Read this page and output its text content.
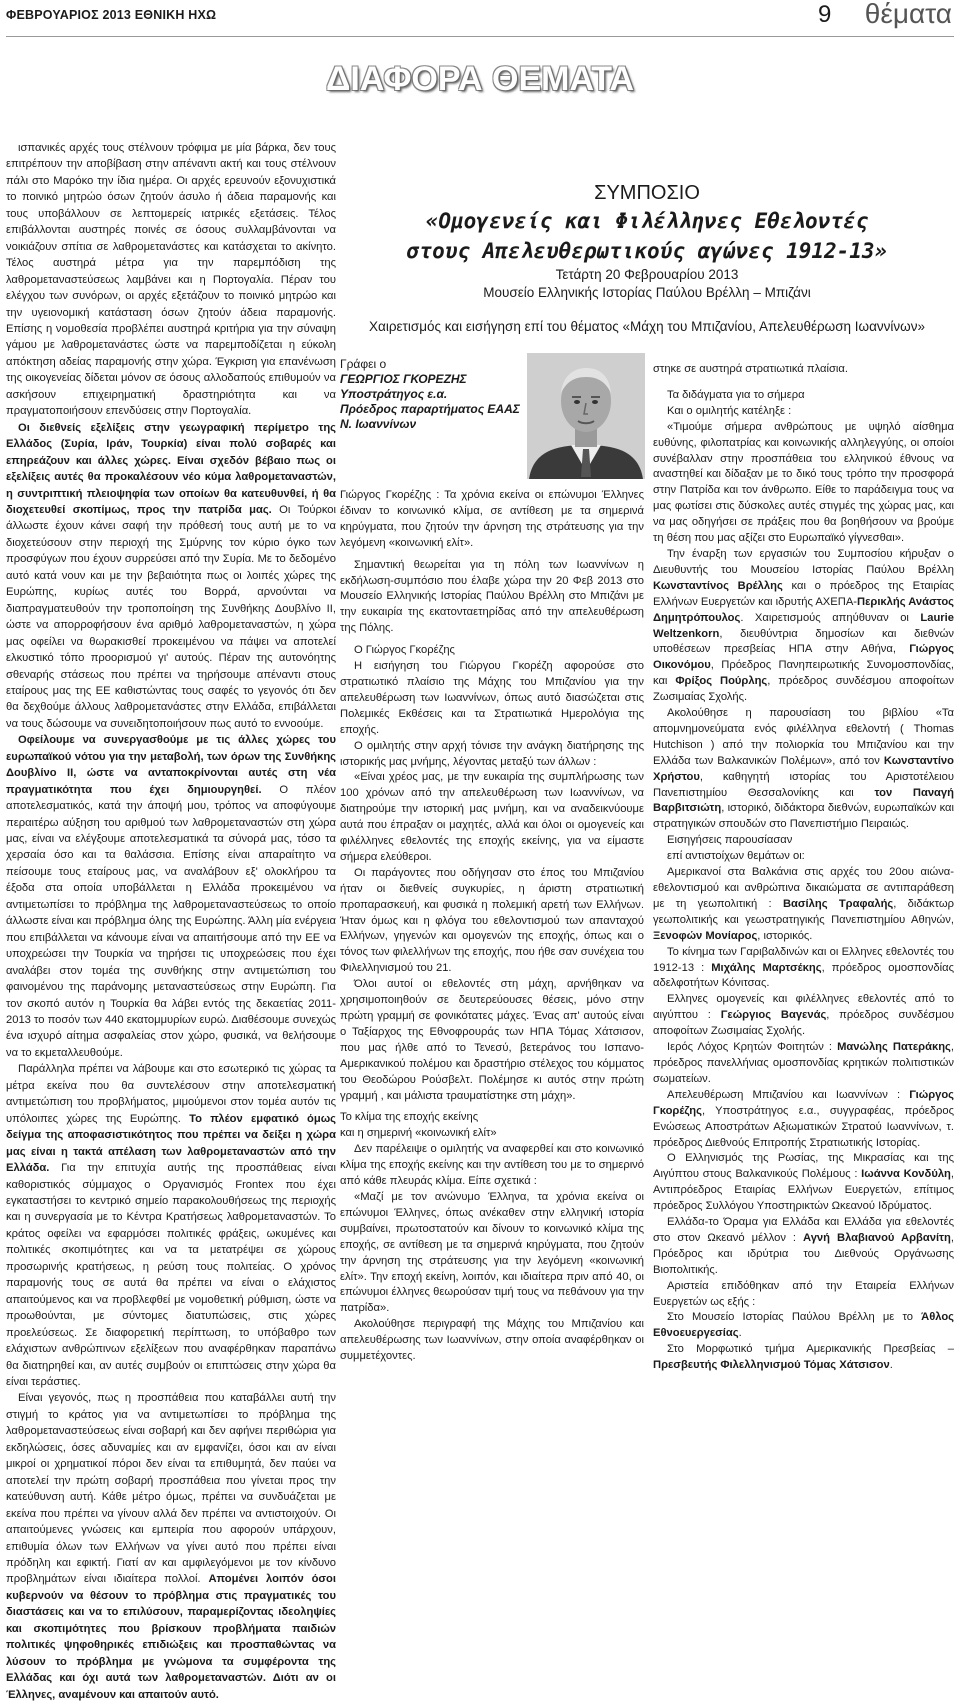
ΦΕΒΡΟΥΑΡΙΟΣ 2013 ΕΘΝΙΚΗ ΗΧΩ	9 θέματα
ΔΙΑΦΟΡΑ ΘΕΜΑΤΑ

ισπανικές αρχές τους στέλνουν τρόφιμα με μία βάρκα, δεν τους επιτρέπουν την αποβίβαση στην απέναντι ακτή και τους στέλνουν πάλι στο Μαρόκο την ίδια ημέρα. Οι αρχές ερευνούν εξονυχιστικά το ποινικό μητρώο όσων ζητούν άσυλο ή άδεια παραμονής και τους υποβάλλουν σε λεπτομερείς ιατρικές εξετάσεις. Τέλος επιβάλλονται αυστηρές ποινές σε όσους συλλαμβάνονται να νοικιάζουν σπίτια σε λαθρομετανάστες και κατάσχεται το ακίνητο. Τέλος αυστηρά μέτρα για την παρεμπόδιση της λαθρομεταναστεύσεως λαμβάνει και η Πορτογαλία. Πέραν του ελέγχου των συνόρων, οι αρχές εξετάζουν το ποινικό μητρώο και την υγειονομική κατάσταση όσων ζητούν άδεια παραμονής. Επίσης η νομοθεσία προβλέπει αυστηρά κριτήρια για την σύναψη γάμου με λαθρομετανάστες ώστε να παρεμποδίζεται η εύκολη απόκτηση αδείας παραμονής στην χώρα. Έγκριση για επανένωση της οικογενείας δίδεται μόνον σε όσους αλλοδαπούς επιθυμούν να ασκήσουν επιχειρηματική δραστηριότητα και να πραγματοποιήσουν επενδύσεις στην Πορτογαλία.

Οι διεθνείς εξελίξεις στην γεωγραφική περίμετρο της Ελλάδος (Συρία, Ιράν, Τουρκία) είναι πολύ σοβαρές και επηρεάζουν και άλλες χώρες. Είναι σχεδόν βέβαιο πως οι εξελίξεις αυτές θα προκαλέσουν νέο κύμα λαθρομεταναστών, η συντριπτική πλειοψηφία των οποίων θα κατευθυνθεί, ή θα διοχετευθεί σκοπίμως, προς την πατρίδα μας. Οι Τούρκοι άλλωστε έχουν κάνει σαφή την πρόθεσή τους αυτή με το να διοχετεύσουν στην περιοχή της Σμύρνης τον κύριο όγκο των προσφύγων που έχουν συρρεύσει από την Συρία. Με το δεδομένο αυτό κατά νουν και με την βεβαιότητα πως οι λοιπές χώρες της Ευρώπης, κυρίως αυτές του Βορρά, αρνούνται να διαπραγματευθούν την τροποποίηση της Συνθήκης Δουβλίνο ΙΙ, ώστε να απορροφήσουν ένα αριθμό λαθρομεταναστών, η χώρα μας οφείλει να θωρακισθεί προκειμένου να πάψει να αποτελεί ελκυστικό τόπο προορισμού γι' αυτούς. Πέραν της αυτονόητης σθεναρής στάσεως που πρέπει να τηρήσουμε απέναντι στους εταίρους μας της ΕΕ καθιστώντας τους σαφές το γεγονός ότι δεν θα δεχθούμε άλλους λαθρομετανάστες στην Ελλάδα, επιβάλλεται να τους δώσουμε να συνειδητοποιήσουν πως αυτό το εννοούμε.

Οφείλουμε να συνεργασθούμε με τις άλλες χώρες του ευρωπαϊκού νότου για την μεταβολή, των όρων της Συνθήκης Δουβλίνο ΙΙ, ώστε να ανταποκρίνονται αυτές στη νέα πραγματικότητα που έχει δημιουργηθεί. Ο πλέον αποτελεσματικός, κατά την άποψή μου, τρόπος να αποφύγουμε περαιτέρω αύξηση του αριθμού των λαθρομεταναστών στη χώρα μας, είναι να ελέγξουμε αποτελεσματικά τα σύνορά μας, τόσο τα χερσαία όσο και τα θαλάσσια. Επίσης είναι απαραίτητο να πείσουμε τους εταίρους μας, να αναλάβουν εξ' ολοκλήρου τα έξοδα στα οποία υποβάλλεται η Ελλάδα προκειμένου να αντιμετωπίσει το πρόβλημα της λαθρομεταναστεύσεως το οποίο άλλωστε είναι και πρόβλημα όλης της Ευρώπης. Άλλη μία ενέργεια που επιβάλλεται να κάνουμε είναι να απαιτήσουμε από την ΕΕ να υποχρεώσει την Τουρκία να τηρήσει τις υποχρεώσεις που έχει αναλάβει στον τομέα της συνθήκης στην αντιμετώπιση του φαινομένου της παράνομης μεταναστεύσεως στην Ευρώπη. Για τον σκοπό αυτόν η Τουρκία θα λάβει εντός της δεκαετίας 2011-2013 το ποσόν των 440 εκατομμυρίων ευρώ. Διαθέσουμε συνεχώς ένα ισχυρό αίτημα ασφαλείας στον χώρο, φυσικά, να θελήσουμε να το εκμεταλλευθούμε.

Παράλληλα πρέπει να λάβουμε και στο εσωτερικό τις χώρας τα μέτρα εκείνα που θα συντελέσουν στην αποτελεσματική αντιμετώπιση του προβλήματος, μιμούμενοι στον τομέα αυτόν τις υπόλοιπες χώρες της Ευρώπης. Το πλέον εμφατικό όμως δείγμα της αποφασιστικότητος που πρέπει να δείξει η χώρα μας είναι η τακτά απέλαση των λαθρομεταναστών από την Ελλάδα. Για την επιτυχία αυτής της προσπάθειας είναι καθοριστικός σύμμαχος ο Οργανισμός Frontex που έχει εγκαταστήσει το κεντρικό σημείο παρακολουθήσεως της περιοχής και η συνεργασία με το Κέντρα Κρατήσεως λαθρομεταναστών. Το κράτος οφείλει να εφαρμόσει πολιτικές φράξεις, ωκυμένες και πολιτικές σκοπιμότητες και να τα μετατρέψει σε χώρους προσωρινής κρατήσεως, η ρεύση τους πολιτείας. Ο χρόνος παραμονής τους σε αυτά θα πρέπει να είναι ο ελάχιστος απαιτούμενος και να προβλεφθεί με νομοθετική ρύθμιση, ώστε να προωθούνται, με σύντομες διατυπώσεις, στις χώρες προελεύσεως. Σε διαφορετική περίπτωση, το υπόβαθρο των ελάχιστων ανθρώπινων εξελίξεων που αναφέρθηκαν παραπάνω θα διατηρηθεί και, αν αυτές συμβούν οι επιπτώσεις στην χώρα θα είναι τεράστιες.

Είναι γεγονός, πως η προσπάθεια που καταβάλλει αυτή την στιγμή το κράτος για να αντιμετωπίσει το πρόβλημα της λαθρομεταναστεύσεως είναι σοβαρή και δεν αφήνει περιθώρια για εκδηλώσεις, όσες αδυναμίες και αν εμφανίζει, όσοι και αν είναι μικροί οι χρηματικοί πόροι δεν είναι τα επιθυμητά, δεν παύει να αποτελεί την πρώτη σοβαρή προσπάθεια που γίνεται προς την κατεύθυνση αυτή. Κάθε μέτρο όμως, πρέπει να συνδυάζεται με εκείνα που πρέπει να γίνουν αλλά δεν πρέπει να αντιστοιχούν. Οι απαιτούμενες γνώσεις και εμπειρία που αφορούν υπάρχουν, επιθυμία όλων των Ελλήνων να γίνει αυτό που πρέπει είναι πρόδηλη και εφικτή. Γιατί αν και αμφιλεγόμενοι με τον κίνδυνο προβλημάτων είναι ιδιαίτερα πολλοί. Απομένει λοιπόν όσοι κυβερνούν να θέσουν το πρόβλημα στις πραγματικές του διαστάσεις και να το επιλύσουν, παραμερίζοντας ιδεοληψίες και σκοπιμότητες που βρίσκουν προβλήματα παιδιών πολιτικές ψηφοθηρικές επιδιώξεις και προσπαθώντας να λύσουν το πρόβλημα με γνώμονα τα συμφέροντα της Ελλάδας και όχι αυτά των λαθρομεταναστών. Διότι αν οι Έλληνες, αναμένουν και απαιτούν αυτό.

ΣΥΜΠΟΣΙΟ
«Ομογενείς και Φιλέλληνες Εθελοντές
στους Απελευθερωτικούς αγώνες 1912-13»
Τετάρτη 20 Φεβρουαρίου 2013
Μουσείο Ελληνικής Ιστορίας Παύλου Βρέλλη – Μπιζάνι
Χαιρετισμός και εισήγηση επί του θέματος «Μάχη του Μπιζανίου, Απελευθέρωση Ιωαννίνων»
Γράφει ο
ΓΕΩΡΓΙΟΣ ΓΚΟΡΕΖΗΣ
Υποστράτηγος ε.α.
Πρόεδρος παραρτήματος ΕΑΑΣ
Ν. Ιωαννίνων

Γιώργος Γκορέζης : Τα χρόνια εκείνα οι επώνυμοι Έλληνες έδιναν το κοινωνικό κλίμα, σε αντίθεση με τα σημερινά κηρύγματα, που ζητούν την άρνηση της στράτευσης για την λεγόμενη «κοινωνική ελίτ».

Σημαντική θεωρείται για τη πόλη των Ιωαννίνων η εκδήλωση-συμπόσιο που έλαβε χώρα την 20 Φεβ 2013 στο Μουσείο Ελληνικής Ιστορίας Παύλου Βρέλλη στο Μπιζάνι με την ευκαιρία της εκατονταετηρίδας από την απελευθέρωση της Πόλης.

Ο Γιώργος Γκορέζης

Η εισήγηση του Γιώργου Γκορέζη αφορούσε στο στρατιωτικό πλαίσιο της Μάχης του Μπιζανίου για την απελευθέρωση των Ιωαννίνων, όπως αυτό διασώζεται στις Πολεμικές Εκθέσεις και τα Στρατιωτικά Ημερολόγια της εποχής.

Ο ομιλητής στην αρχή τόνισε την ανάγκη διατήρησης της ιστορικής μας μνήμης, λέγοντας μεταξύ των άλλων :

«Είναι χρέος μας, με την ευκαιρία της συμπλήρωσης των 100 χρόνων από την απελευθέρωση των Ιωαννίνων, να διατηρούμε την ιστορική μας μνήμη, και να αναδεικνύουμε αυτά που έπραξαν οι μαχητές, αλλά και όλοι οι ομογενείς και φιλέλληνες εθελοντές της εποχής εκείνης, για να είμαστε σήμερα ελεύθεροι.

Οι παράγοντες που οδήγησαν στο έπος του Μπιζανίου ήταν οι διεθνείς συγκυρίες, η άριστη στρατιωτική προπαρασκευή, και φυσικά η πολεμική αρετή των Ελλήνων. Ήταν όμως και η φλόγα του εθελοντισμού των απανταχού Ελλήνων, γηγενών και ομογενών της εποχής, όπως και ο τόνος των φιλελλήνων της εποχής, που ήθε σαν συνέχεια του Φιλελληνισμού του 21.

Όλοι αυτοί οι εθελοντές στη μάχη, αρνήθηκαν να χρησιμοποιηθούν σε δευτερεύουσες θέσεις, μόνο στην πρώτη γραμμή σε φονικότατες μάχες. Ένας απ' αυτούς είναι ο Ταξίαρχος της Εθνοφρουράς των ΗΠΑ Τόμας Χάτσισον, που μας ήλθε από το Τενεσύ, βετεράνος του Ισπανο-Αμερικανικού πολέμου και δραστήριο στέλεχος του κόμματος του Θεοδώρου Ρούσβελτ. Πολέμησε κι αυτός στην πρώτη γραμμή , και μάλιστα τραυματίστηκε στη μάχη».

Το κλίμα της εποχής εκείνης

και η σημερινή «κοινωνική ελίτ»

Δεν παρέλειψε ο ομιλητής να αναφερθεί και στο κοινωνικό κλίμα της εποχής εκείνης και την αντίθεση του με το σημερινό από κάθε πλευράς κλίμα. Είπε σχετικά :

«Μαζί με τον ανώνυμο Έλληνα, τα χρόνια εκείνα οι επώνυμοι Έλληνες, όπως ανέκαθεν στην ελληνική ιστορία συμβαίνει, πρωτοστατούν και δίνουν το κοινωνικό κλίμα της εποχής, σε αντίθεση με τα σημερινά κηρύγματα, που ζητούν την άρνηση της στράτευσης για την λεγόμενη «κοινωνική ελίτ». Την εποχή εκείνη, λοιπόν, και ιδιαίτερα πριν από 40, οι επώνυμοι έλληνες θεωρούσαν τιμή τους να πεθάνουν για την πατρίδα».

Ακολούθησε περιγραφή της Μάχης του Μπιζανίου και απελευθέρωσης των Ιωαννίνων, στην οποία αναφέρθηκαν οι συμμετέχοντες.

στηκε σε αυστηρά στρατιωτικά πλαίσια.

Τα διδάγματα για το σήμερα

Και ο ομιλητής κατέληξε :

«Τιμούμε σήμερα ανθρώπους με υψηλό αίσθημα ευθύνης, φιλοπατρίας και κοινωνικής αλληλεγγύης, οι οποίοι συνέβαλλαν στην προσπάθεια του ελληνικού έθνους να αναστηθεί και δίδαξαν με το δικό τους τρόπο την προσφορά στην Πατρίδα και τον άνθρωπο. Είθε το παράδειγμα τους να μας φωτίσει στις δύσκολες αυτές στιγμές της χώρας μας, και να μας οδηγήσει σε πράξεις που θα βοηθήσουν να βρούμε τη θέση που μας αξίζει στο Ευρωπαϊκό γίγνεσθαι».

Την έναρξη των εργασιών του Συμποσίου κήρυξαν ο Διευθυντής του Μουσείου Ιστορίας Παύλου Βρέλλη Κωνσταντίνος Βρέλλης και ο πρόεδρος της Εταιρίας Ελλήνων Ευεργετών και ιδρυτής ΑΧΕΠΑ-Περικλής Ανάστος Δημητρόπουλος. Χαιρετισμούς απηύθυναν οι Laurie Weltzenkorn, διευθύντρια δημοσίων και διεθνών υποθέσεων πρεσβείας ΗΠΑ στην Αθήνα, Γιώργος Οικονόμου, Πρόεδρος Πανηπειρωτικής Συνομοσπονδίας, και Φρίξος Πούρλης, πρόεδρος συνδέσμου αποφοίτων Ζωσιμαίας Σχολής.

Ακολούθησε η παρουσίαση του βιβλίου «Τα απομνημονεύματα ενός φιλέλληνα εθελοντή ( Thomas Hutchison ) από την πολιορκία του Μπιζανίου και την Ελλάδα των Βαλκανικών Πολέμων», από τον Κωνσταντίνο Χρήστου, καθηγητή ιστορίας του Αριστοτέλειου Πανεπιστημίου Θεσσαλονίκης και τον Παναγή Βαρβιτσιώτη, ιστορικό, διδάκτορα διεθνών, ευρωπαϊκών και στρατηγικών σπουδών στο Πανεπιστήμιο Πειραιώς.

Εισηγήσεις παρουσίασαν

επί αντιστοίχων θεμάτων οι:

Αμερικανοί στα Βαλκάνια στις αρχές του 20ου αιώνα-εθελοντισμού και ανθρώπινα δικαιώματα σε αντιπαράθεση με τη γεωπολιτική : Βασίλης Τραφαλής, διδάκτωρ γεωπολιτικής και γεωστρατηγικής Πανεπιστημίου Αθηνών, Ξενοφών Μονίαρος, ιστορικός.

Το κίνημα των Γαριβαλδινών και οι Ελληνες εθελοντές του 1912-13 : Μιχάλης Μαρτσέκης, πρόεδρος ομοσπονδίας αδελφοτήτων Κόνιτσας.

Ελληνες ομογενείς και φιλέλληνες εθελοντές από το αιγύπτου : Γεώργιος Βαγενάς, πρόεδρος συνδέσμου αποφοίτων Ζωσιμαίας Σχολής.

Ιερός Λόχος Κρητών Φοιτητών : Μανώλης Πατεράκης, πρόεδρος πανελλήνιας ομοσπονδίας κρητικών πολιτιστικών σωματείων.

Απελευθέρωση Μπιζανίου και Ιωαννίνων : Γιώργος Γκορέζης, Υποστράτηγος ε.α., συγγραφέας, πρόεδρος Ενώσεως Αποστράτων Αξιωματικών Στρατού Ιωαννίνων, τ. πρόεδρος Διεθνούς Επιτροπής Στρατιωτικής Ιστορίας.

Ο Ελληνισμός της Ρωσίας, της Μικρασίας και της Αιγύπτου στους Βαλκανικούς Πολέμους : Ιωάννα Κονδύλη, Αντιπρόεδρος Εταιρίας Ελλήνων Ευεργετών, επίτιμος πρόεδρος Συλλόγου Υποστηρικτών Ωκεανού Ιδρύματος.

Ελλάδα-το Όραμα για Ελλάδα και Ελλάδα για εθελοντές στο στον Ωκεανό μέλλον : Αγνή Βλαβιανού Αρβανίτη, Πρόεδρος και ιδρύτρια του Διεθνούς Οργάνωσης Βιοπολιτικής.

Αριστεία επιδόθηκαν από την Εταιρεία Ελλήνων Ευεργετών ως εξής :

Στο Μουσείο Ιστορίας Παύλου Βρέλλη με το Άθλος Εθνοευεργεσίας.

Στο Μορφωτικό τμήμα Αμερικανικής Πρεσβείας – Πρεσβευτής Φιλελληνισμού Τόμας Χάτσισον.
